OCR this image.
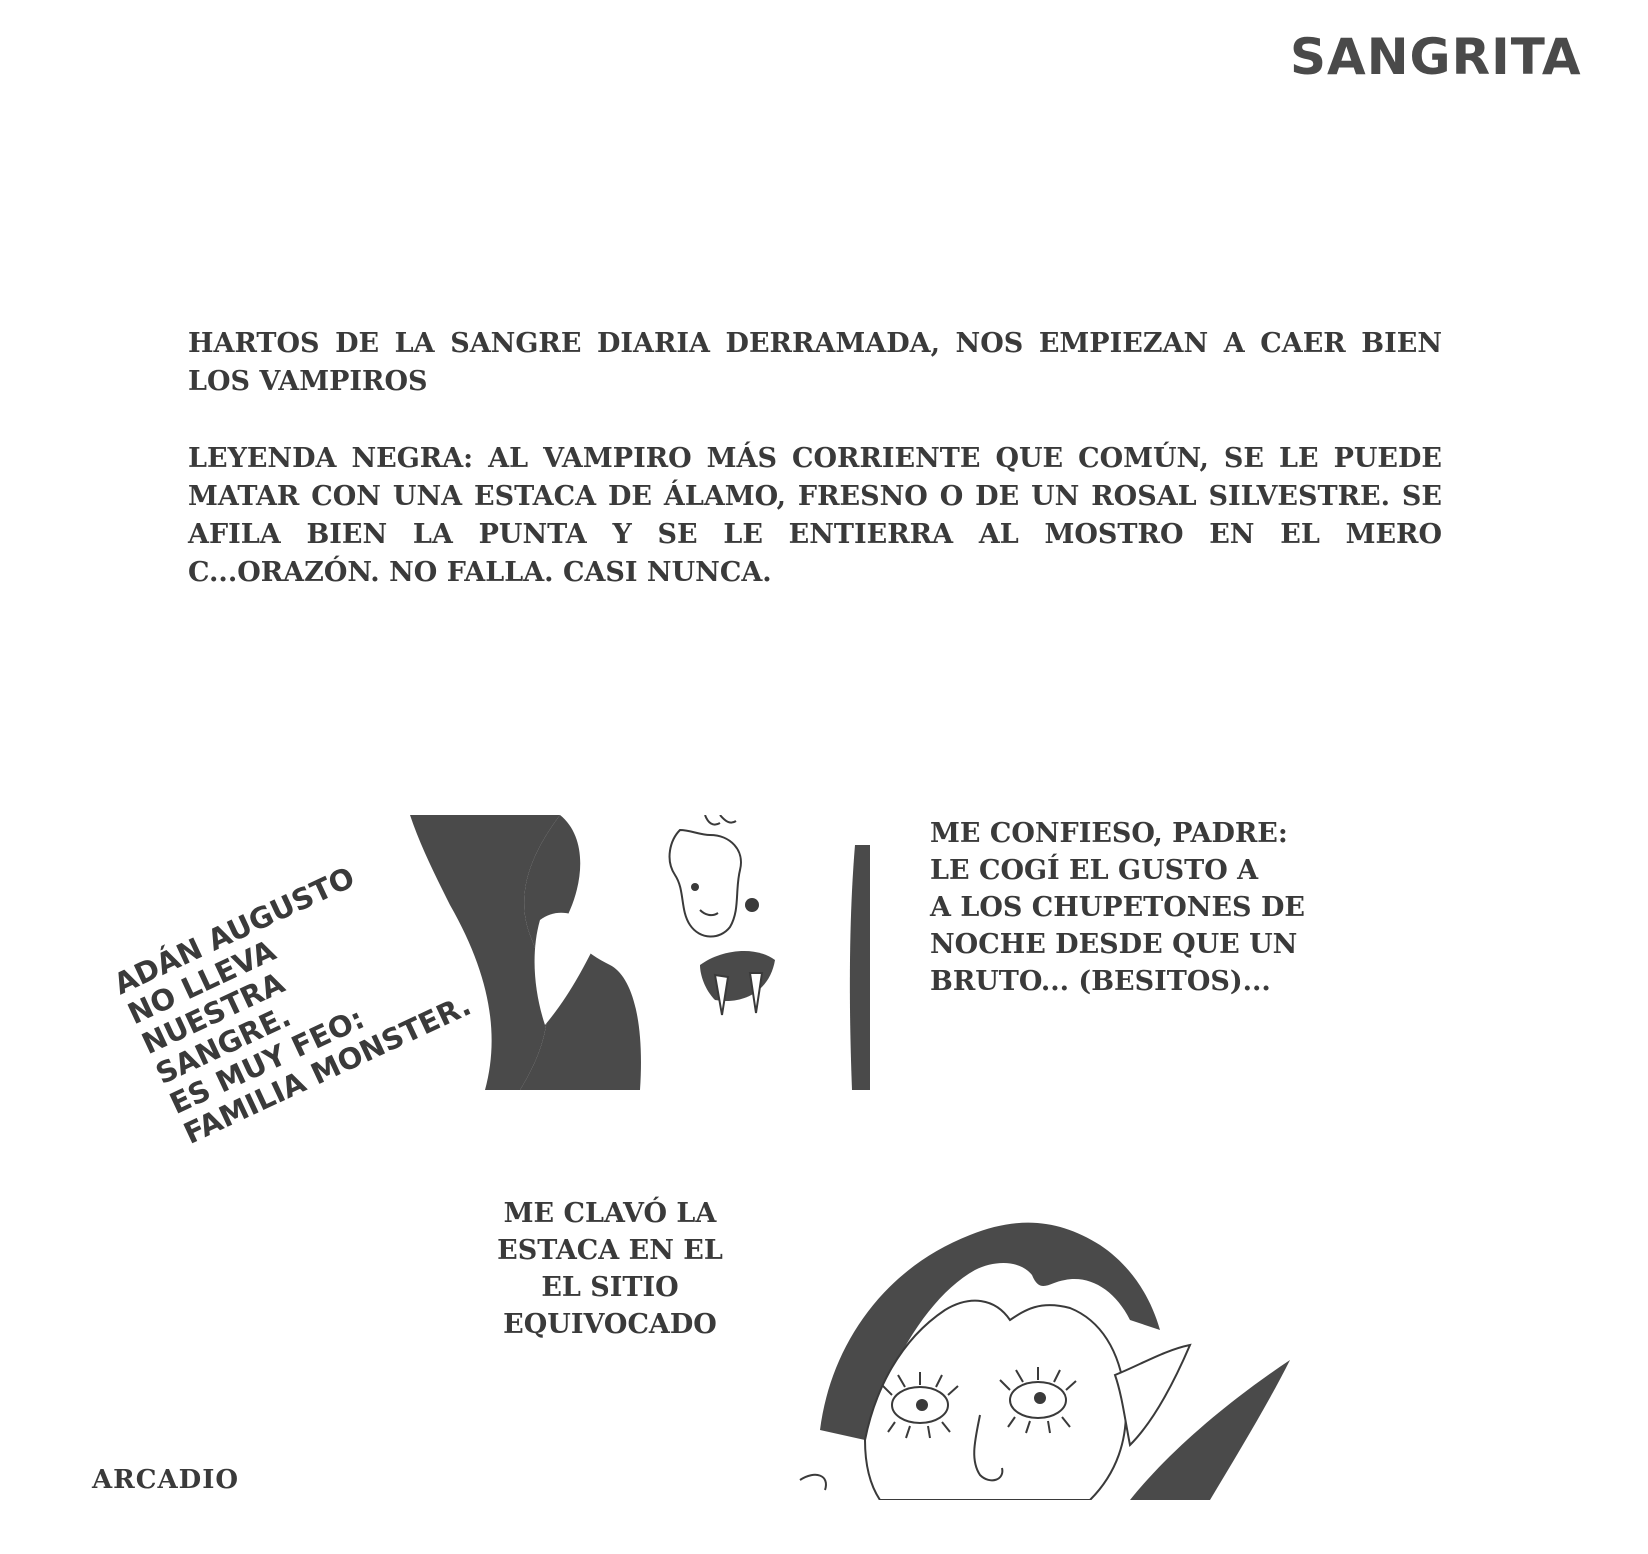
SANGRITA

HARTOS DE LA SANGRE DIARIA DERRAMADA, NOS EMPIEZAN A CAER BIEN LOS VAMPIROS

LEYENDA NEGRA: AL VAMPIRO MÁS CORRIENTE QUE COMÚN, SE LE PUEDE MATAR CON UNA ESTACA DE ÁLAMO, FRESNO O DE UN ROSAL SILVESTRE. SE AFILA BIEN LA PUNTA Y SE LE ENTIERRA AL MOSTRO EN EL MERO C...ORAZÓN. NO FALLA. CASI NUNCA.

ME CONFIESO, PADRE:
LE COGÍ EL GUSTO A
A LOS CHUPETONES DE
NOCHE DESDE QUE UN
BRUTO... (BESITOS)...
ADÁN AUGUSTO
NO LLEVA
NUESTRA
SANGRE.
ES MUY FEO:
FAMILIA MONSTER.
ME CLAVÓ LA
ESTACA EN EL
EL SITIO
EQUIVOCADO
ARCADIO
